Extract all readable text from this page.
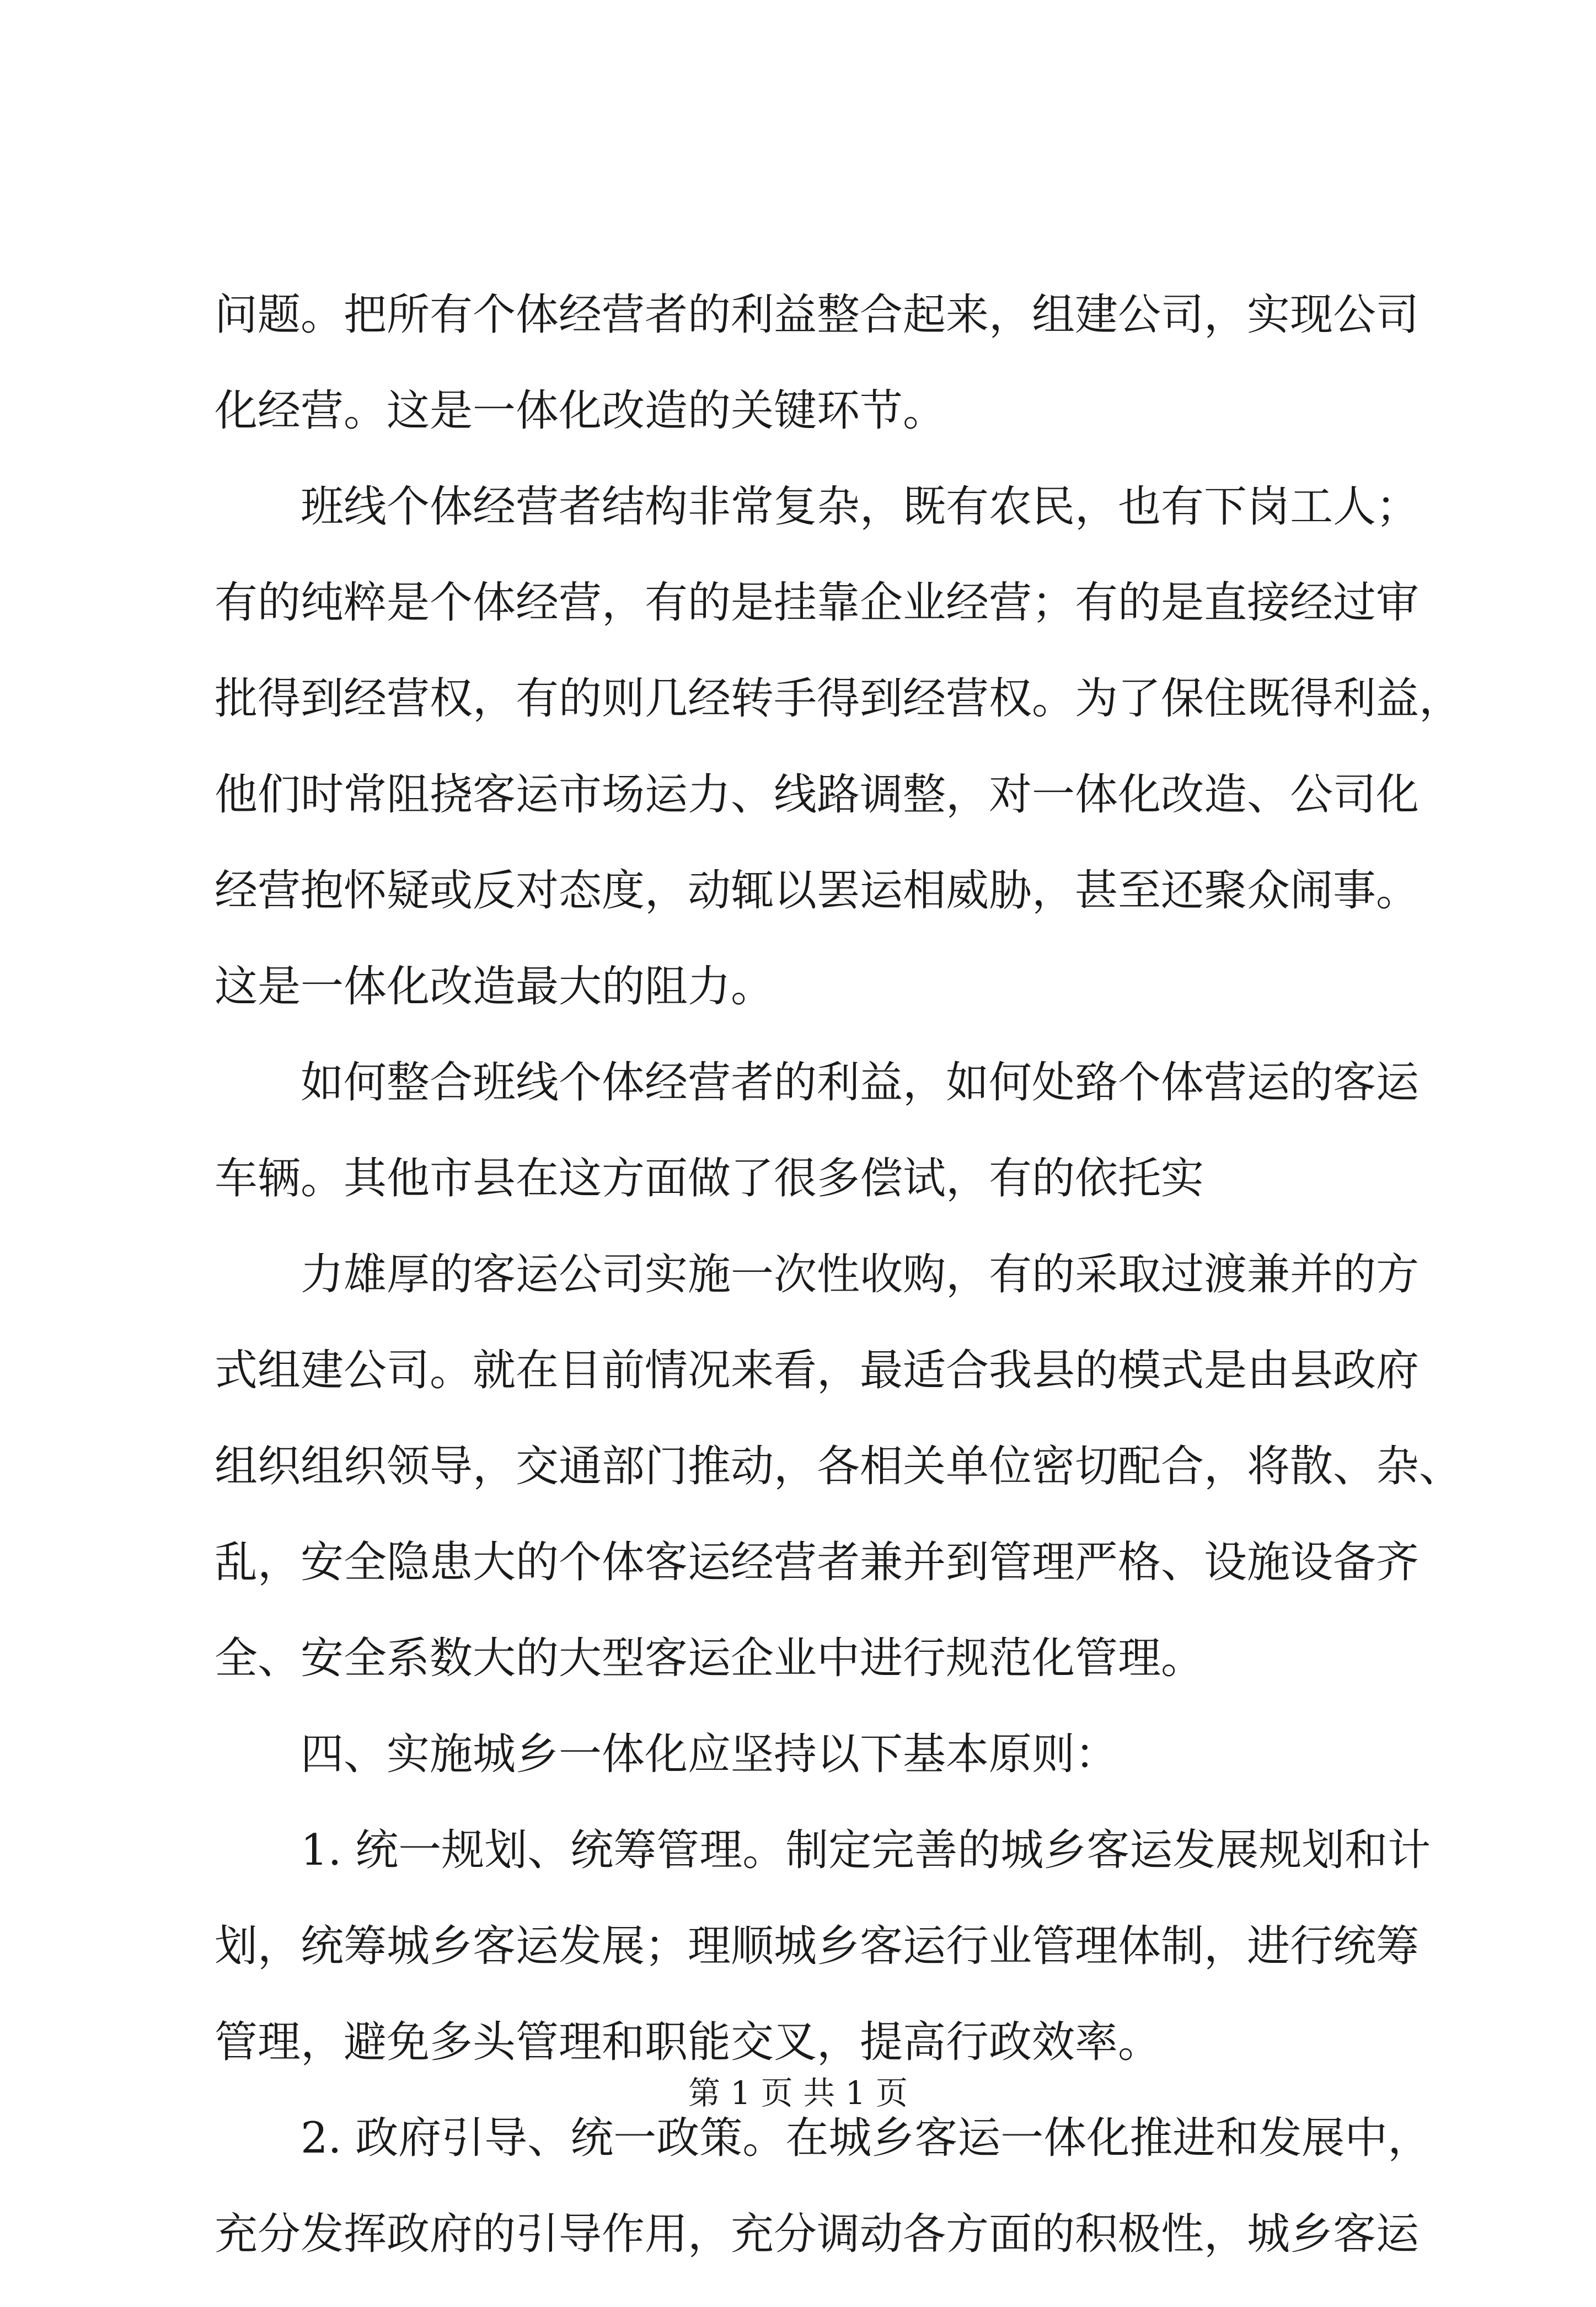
问题。把所有个体经营者的利益整合起来，组建公司，实现公司
化经营。这是一体化改造的关键环节。
班线个体经营者结构非常复杂，既有农民，也有下岗工人；
有的纯粹是个体经营，有的是挂靠企业经营；有的是直接经过审
批得到经营权，有的则几经转手得到经营权。为了保住既得利益，
他们时常阻挠客运市场运力、线路调整，对一体化改造、公司化
经营抱怀疑或反对态度，动辄以罢运相威胁，甚至还聚众闹事。
这是一体化改造最大的阻力。
如何整合班线个体经营者的利益，如何处臵个体营运的客运
车辆。其他市县在这方面做了很多偿试，有的依托实
力雄厚的客运公司实施一次性收购，有的采取过渡兼并的方
式组建公司。就在目前情况来看，最适合我县的模式是由县政府
组织组织领导，交通部门推动，各相关单位密切配合，将散、杂、
乱，安全隐患大的个体客运经营者兼并到管理严格、设施设备齐
全、安全系数大的大型客运企业中进行规范化管理。
四、实施城乡一体化应坚持以下基本原则：
1. 统一规划、统筹管理。制定完善的城乡客运发展规划和计
划，统筹城乡客运发展；理顺城乡客运行业管理体制，进行统筹
管理，避免多头管理和职能交叉，提高行政效率。
2. 政府引导、统一政策。在城乡客运一体化推进和发展中，
充分发挥政府的引导作用，充分调动各方面的积极性，城乡客运
第 1 页 共 1 页
